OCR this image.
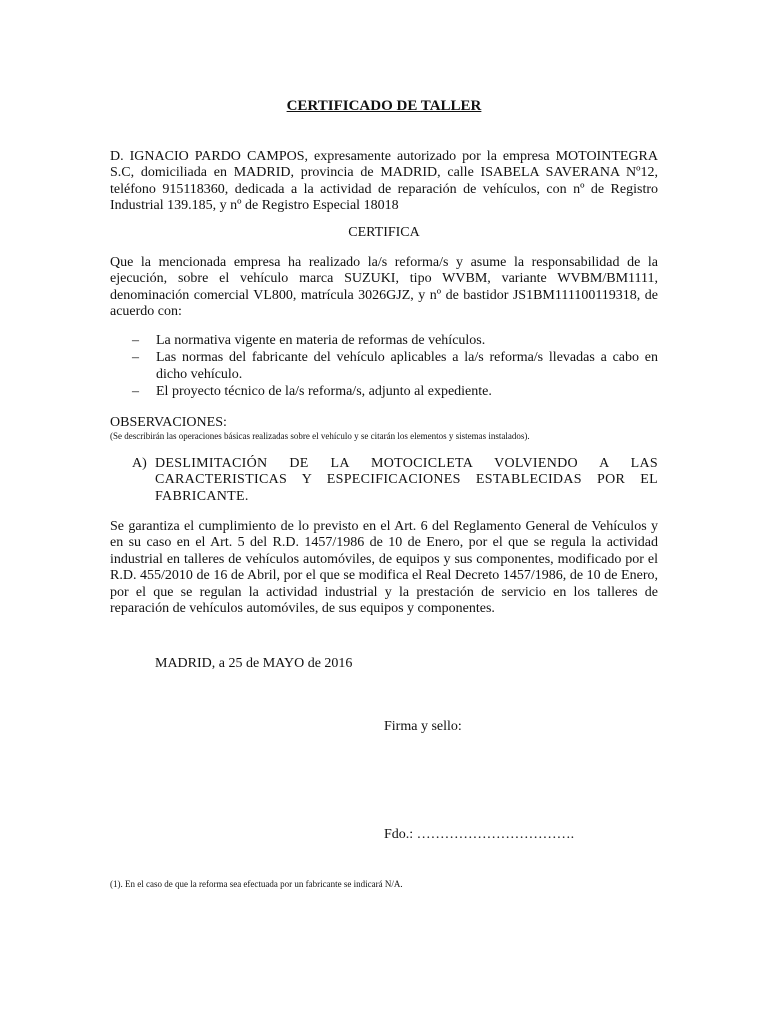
CERTIFICADO DE TALLER
D. IGNACIO PARDO CAMPOS, expresamente autorizado por la empresa MOTOINTEGRA S.C, domiciliada en MADRID, provincia de MADRID, calle ISABELA SAVERANA Nº12, teléfono 915118360, dedicada a la actividad de reparación de vehículos, con nº de Registro Industrial 139.185, y nº de Registro Especial 18018
CERTIFICA
Que la mencionada empresa ha realizado la/s reforma/s y asume la responsabilidad de la ejecución, sobre el vehículo marca SUZUKI, tipo WVBM, variante WVBM/BM1111, denominación comercial VL800, matrícula 3026GJZ, y nº de bastidor JS1BM111100119318, de acuerdo con:
– La normativa vigente en materia de reformas de vehículos.
– Las normas del fabricante del vehículo aplicables a la/s reforma/s llevadas a cabo en dicho vehículo.
– El proyecto técnico de la/s reforma/s, adjunto al expediente.
OBSERVACIONES:
(Se describirán las operaciones básicas realizadas sobre el vehículo y se citarán los elementos y sistemas instalados).
A) DESLIMITACIÓN DE LA MOTOCICLETA VOLVIENDO A LAS CARACTERISTICAS Y ESPECIFICACIONES ESTABLECIDAS POR EL FABRICANTE.
Se garantiza el cumplimiento de lo previsto en el Art. 6 del Reglamento General de Vehículos y en su caso en el Art. 5 del R.D. 1457/1986 de 10 de Enero, por el que se regula la actividad industrial en talleres de vehículos automóviles, de equipos y sus componentes, modificado por el R.D. 455/2010 de 16 de Abril, por el que se modifica el Real Decreto 1457/1986, de 10 de Enero, por el que se regulan la actividad industrial y la prestación de servicio en los talleres de reparación de vehículos automóviles, de sus equipos y componentes.
MADRID, a 25 de MAYO de 2016
Firma y sello:
Fdo.: …………………………….
(1). En el caso de que la reforma sea efectuada por un fabricante se indicará N/A.
